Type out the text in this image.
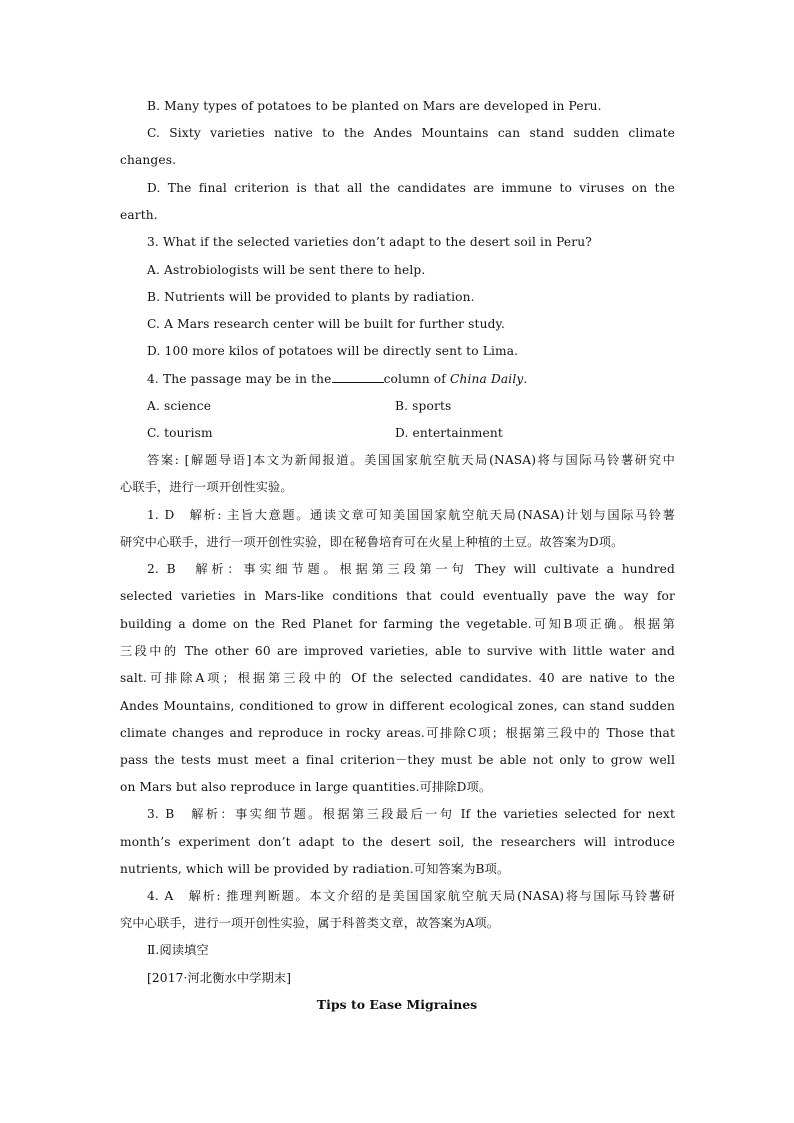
B. Many types of potatoes to be planted on Mars are developed in Peru.
C. Sixty varieties native to the Andes Mountains can stand sudden climate
changes.
D. The final criterion is that all the candidates are immune to viruses on the
earth.
3. What if the selected varieties don’t adapt to the desert soil in Peru?
A. Astrobiologists will be sent there to help.
B. Nutrients will be provided to plants by radiation.
C. A Mars research center will be built for further study.
D. 100 more kilos of potatoes will be directly sent to Lima.
4. The passage may be in the	column of China Daily.
A. science	B. sports
C. tourism	D. entertainment
答案: [解题导语]本文为新闻报道。美国国家航空航天局(NASA)将与国际马铃薯研究中
心联手，进行一项开创性实验。
1. D　解析: 主旨大意题。通读文章可知美国国家航空航天局(NASA)计划与国际马铃薯
研究中心联手，进行一项开创性实验，即在秘鲁培育可在火星上种植的土豆。故答案为D项。
2. B　解析：事实细节题。根据第三段第一句 They will cultivate a hundred
selected varieties in Mars-like conditions that could eventually pave the way for
building a dome on the Red Planet for farming the vegetable.可知B项正确。根据第
三段中的 The other 60 are improved varieties, able to survive with little water and
salt.可排除A项；根据第三段中的 Of the selected candidates. 40 are native to the
Andes Mountains, conditioned to grow in different ecological zones, can stand sudden
climate changes and reproduce in rocky areas.可排除C项；根据第三段中的 Those that
pass the tests must meet a final criterion－they must be able not only to grow well
on Mars but also reproduce in large quantities.可排除D项。
3. B　解析：事实细节题。根据第三段最后一句 If the varieties selected for next
month’s experiment don’t adapt to the desert soil, the researchers will introduce
nutrients, which will be provided by radiation.可知答案为B项。
4. A　解析: 推理判断题。本文介绍的是美国国家航空航天局(NASA)将与国际马铃薯研
究中心联手，进行一项开创性实验，属于科普类文章，故答案为A项。
Ⅱ.阅读填空
[2017·河北衡水中学期末]
Tips to Ease Migraines
